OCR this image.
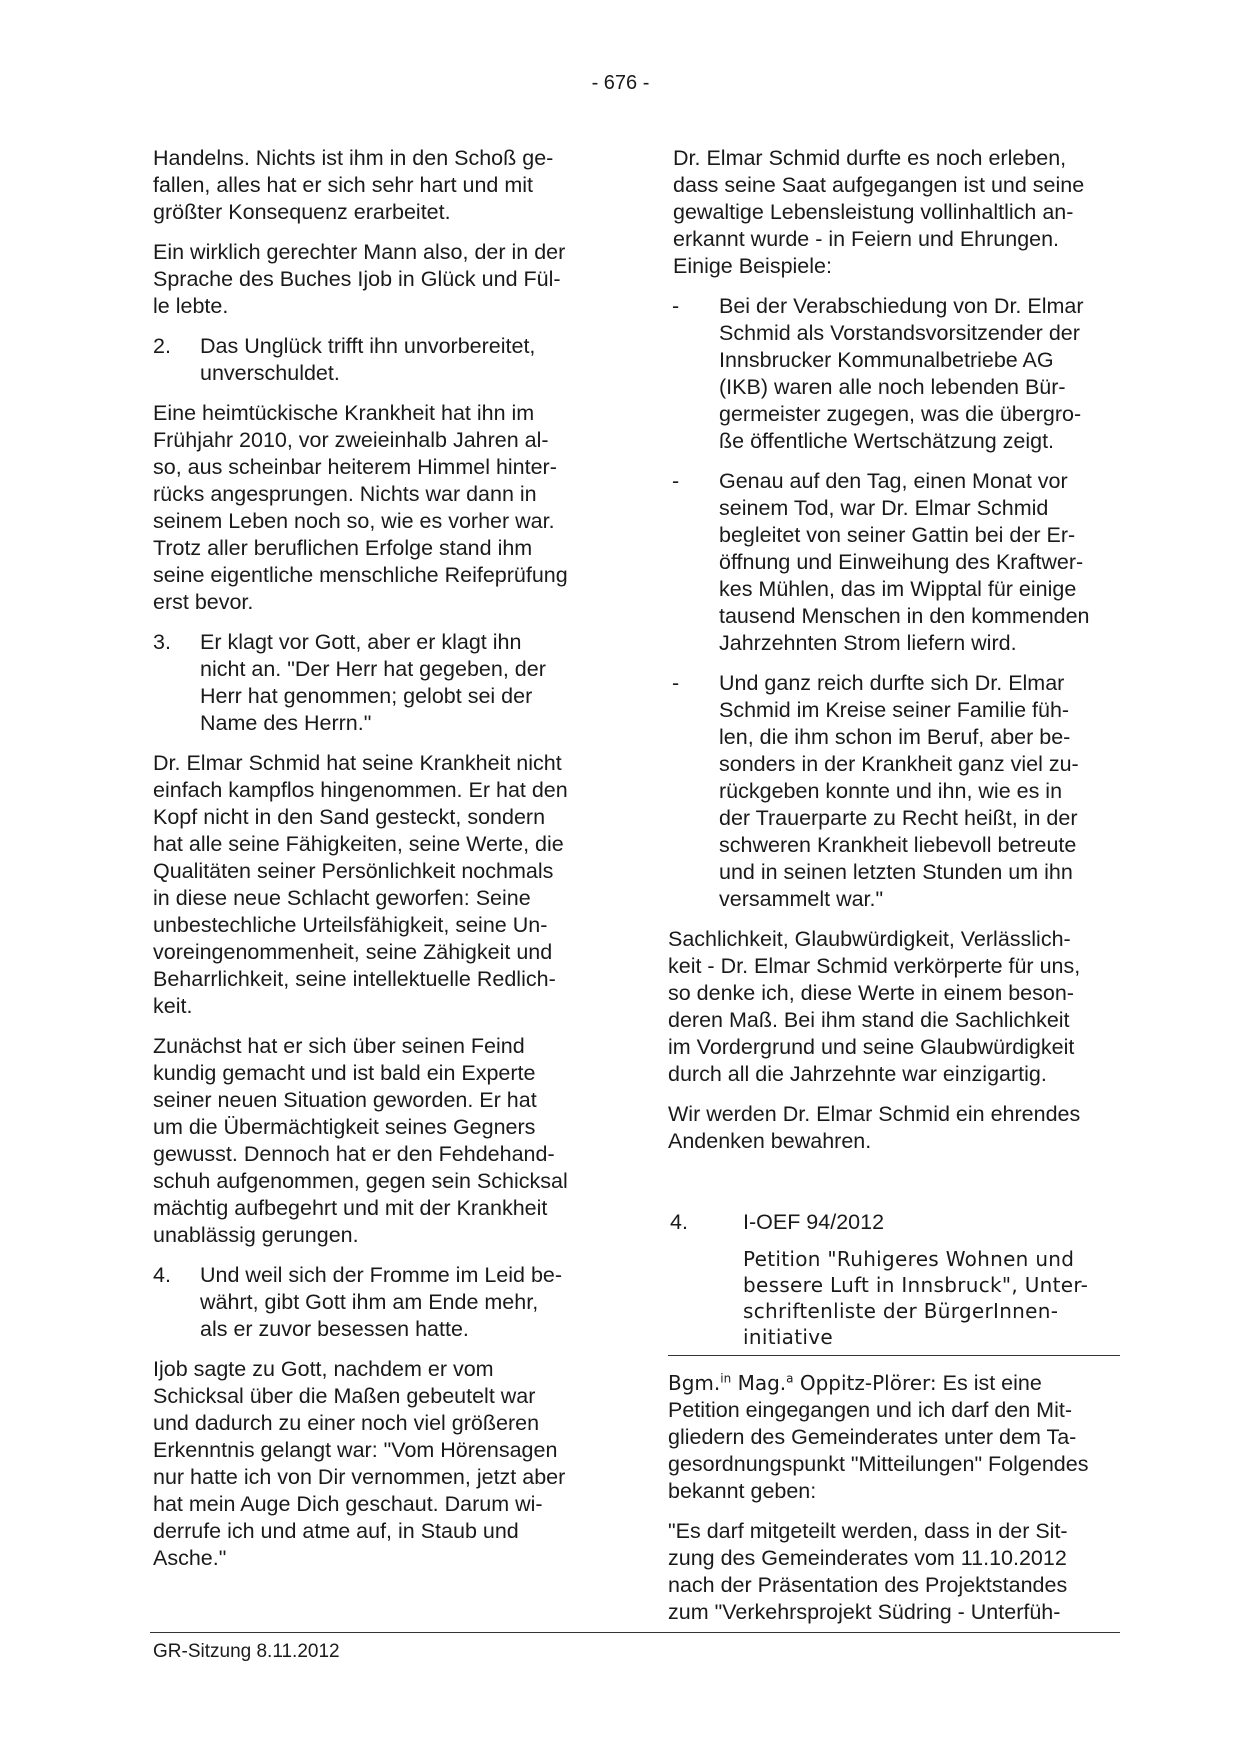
- 676 -

Handelns. Nichts ist ihm in den Schoß ge-
fallen, alles hat er sich sehr hart und mit
größter Konsequenz erarbeitet.

Ein wirklich gerechter Mann also, der in der
Sprache des Buches Ijob in Glück und Fül-
le lebte.

2.	Das Unglück trifft ihn unvorbereitet,
unverschuldet.

Eine heimtückische Krankheit hat ihn im
Frühjahr 2010, vor zweieinhalb Jahren al-
so, aus scheinbar heiterem Himmel hinter-
rücks angesprungen. Nichts war dann in
seinem Leben noch so, wie es vorher war.
Trotz aller beruflichen Erfolge stand ihm
seine eigentliche menschliche Reifeprüfung
erst bevor.

3.	Er klagt vor Gott, aber er klagt ihn
nicht an. "Der Herr hat gegeben, der
Herr hat genommen; gelobt sei der
Name des Herrn."

Dr. Elmar Schmid hat seine Krankheit nicht
einfach kampflos hingenommen. Er hat den
Kopf nicht in den Sand gesteckt, sondern
hat alle seine Fähigkeiten, seine Werte, die
Qualitäten seiner Persönlichkeit nochmals
in diese neue Schlacht geworfen: Seine
unbestechliche Urteilsfähigkeit, seine Un-
voreingenommenheit, seine Zähigkeit und
Beharrlichkeit, seine intellektuelle Redlich-
keit.

Zunächst hat er sich über seinen Feind
kundig gemacht und ist bald ein Experte
seiner neuen Situation geworden. Er hat
um die Übermächtigkeit seines Gegners
gewusst. Dennoch hat er den Fehdehand-
schuh aufgenommen, gegen sein Schicksal
mächtig aufbegehrt und mit der Krankheit
unablässig gerungen.

4.	Und weil sich der Fromme im Leid be-
währt, gibt Gott ihm am Ende mehr,
als er zuvor besessen hatte.

Ijob sagte zu Gott, nachdem er vom
Schicksal über die Maßen gebeutelt war
und dadurch zu einer noch viel größeren
Erkenntnis gelangt war: "Vom Hörensagen
nur hatte ich von Dir vernommen, jetzt aber
hat mein Auge Dich geschaut. Darum wi-
derrufe ich und atme auf, in Staub und
Asche."

Dr. Elmar Schmid durfte es noch erleben,
dass seine Saat aufgegangen ist und seine
gewaltige Lebensleistung vollinhaltlich an-
erkannt wurde - in Feiern und Ehrungen.
Einige Beispiele:

-	Bei der Verabschiedung von Dr. Elmar
Schmid als Vorstandsvorsitzender der
Innsbrucker Kommunalbetriebe AG
(IKB) waren alle noch lebenden Bür-
germeister zugegen, was die übergro-
ße öffentliche Wertschätzung zeigt.
-	Genau auf den Tag, einen Monat vor
seinem Tod, war Dr. Elmar Schmid
begleitet von seiner Gattin bei der Er-
öffnung und Einweihung des Kraftwer-
kes Mühlen, das im Wipptal für einige
tausend Menschen in den kommenden
Jahrzehnten Strom liefern wird.
-	Und ganz reich durfte sich Dr. Elmar
Schmid im Kreise seiner Familie füh-
len, die ihm schon im Beruf, aber be-
sonders in der Krankheit ganz viel zu-
rückgeben konnte und ihn, wie es in
der Trauerparte zu Recht heißt, in der
schweren Krankheit liebevoll betreute
und in seinen letzten Stunden um ihn
versammelt war."

Sachlichkeit, Glaubwürdigkeit, Verlässlich-
keit - Dr. Elmar Schmid verkörperte für uns,
so denke ich, diese Werte in einem beson-
deren Maß. Bei ihm stand die Sachlichkeit
im Vordergrund und seine Glaubwürdigkeit
durch all die Jahrzehnte war einzigartig.

Wir werden Dr. Elmar Schmid ein ehrendes
Andenken bewahren.

4.	I-OEF 94/2012
Petition "Ruhigeres Wohnen und
bessere Luft in Innsbruck", Unter-
schriftenliste der BürgerInnen-
initiative

Bgm.$^{in}$ Mag.$^a$ Oppitz-Plörer: Es ist eine
Petition eingegangen und ich darf den Mit-
gliedern des Gemeinderates unter dem Ta-
gesordnungspunkt "Mitteilungen" Folgendes
bekannt geben:

"Es darf mitgeteilt werden, dass in der Sit-
zung des Gemeinderates vom 11.10.2012
nach der Präsentation des Projektstandes
zum "Verkehrsprojekt Südring - Unterfüh-

GR-Sitzung 8.11.2012
